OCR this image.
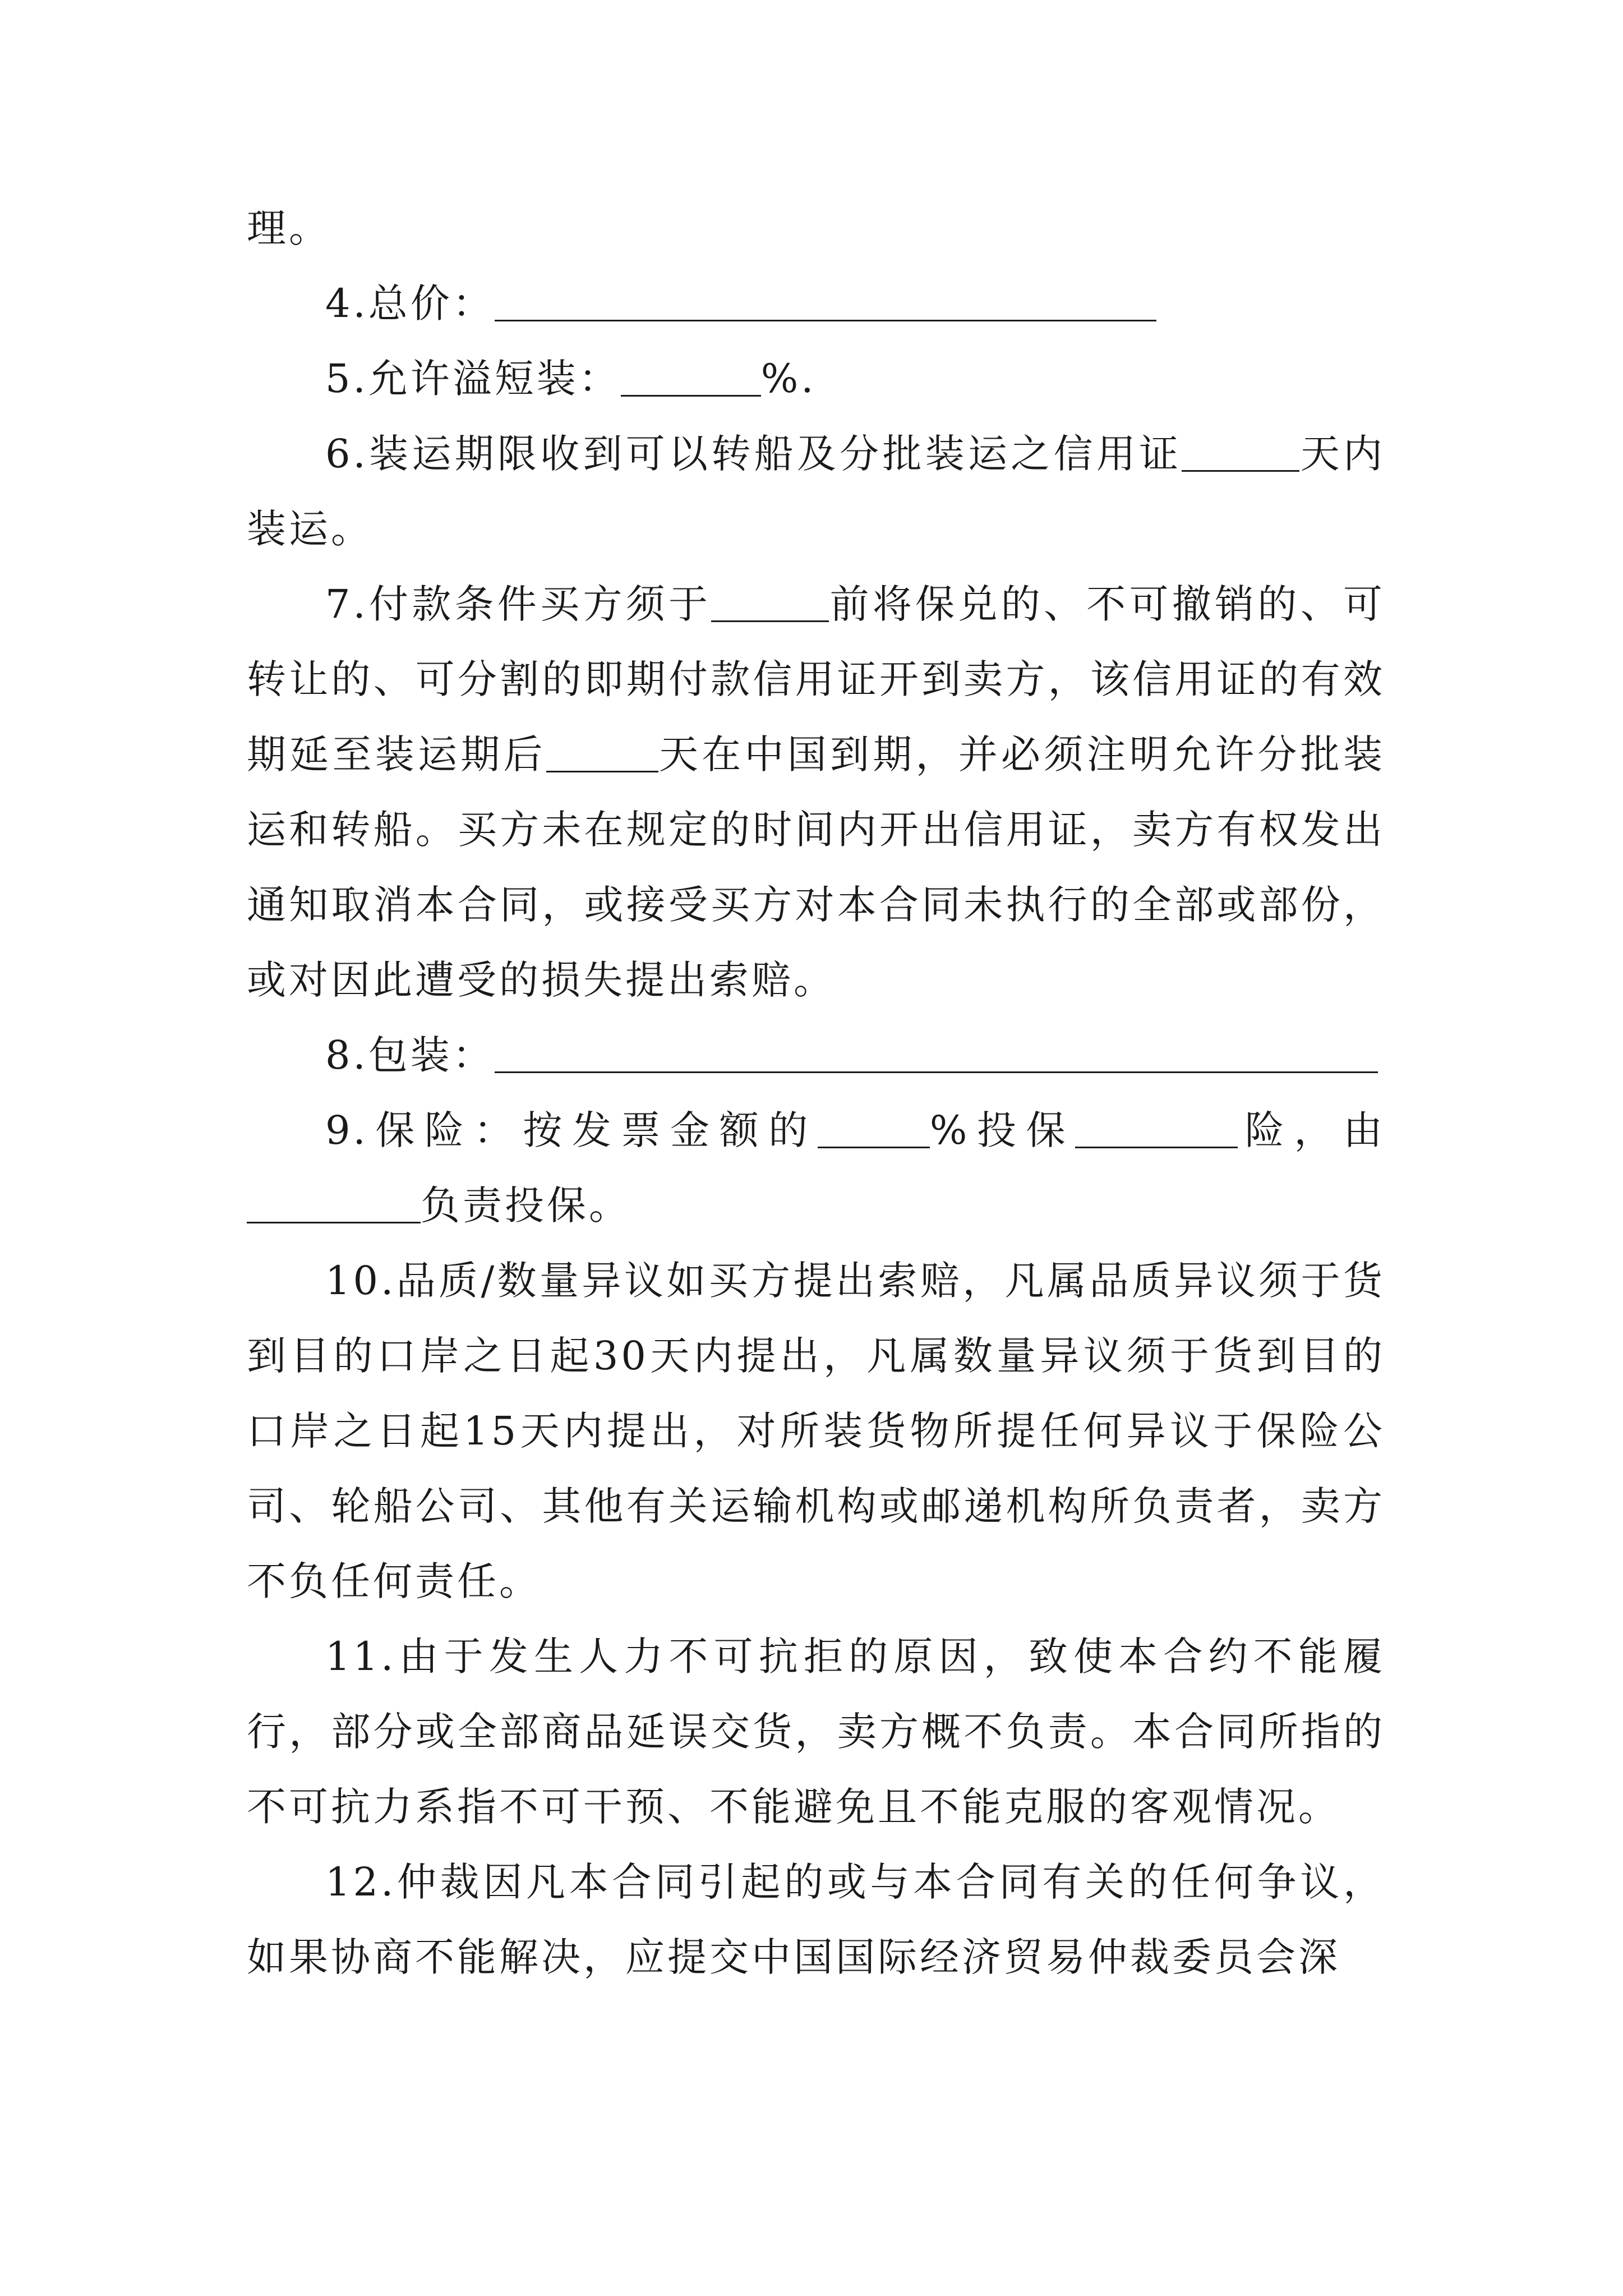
理。

4.总价：

5.允许溢短装：	%.

6.装运期限收到可以转船及分批装运之信用证	天内装运。

7.付款条件买方须于	前将保兑的、不可撤销的、可转让的、可分割的即期付款信用证开到卖方，该信用证的有效期延至装运期后	天在中国到期，并必须注明允许分批装运和转船。买方未在规定的时间内开出信用证，卖方有权发出通知取消本合同，或接受买方对本合同未执行的全部或部份，或对因此遭受的损失提出索赔。

8.包装：

9.保险：按发票金额的	%投保	险，由负责投保。

10.品质/数量异议如买方提出索赔，凡属品质异议须于货到目的口岸之日起30天内提出，凡属数量异议须于货到目的口岸之日起15天内提出，对所装货物所提任何异议于保险公司、轮船公司、其他有关运输机构或邮递机构所负责者，卖方不负任何责任。

11.由于发生人力不可抗拒的原因，致使本合约不能履行，部分或全部商品延误交货，卖方概不负责。本合同所指的不可抗力系指不可干预、不能避免且不能克服的客观情况。

12.仲裁因凡本合同引起的或与本合同有关的任何争议，如果协商不能解决，应提交中国国际经济贸易仲裁委员会深
